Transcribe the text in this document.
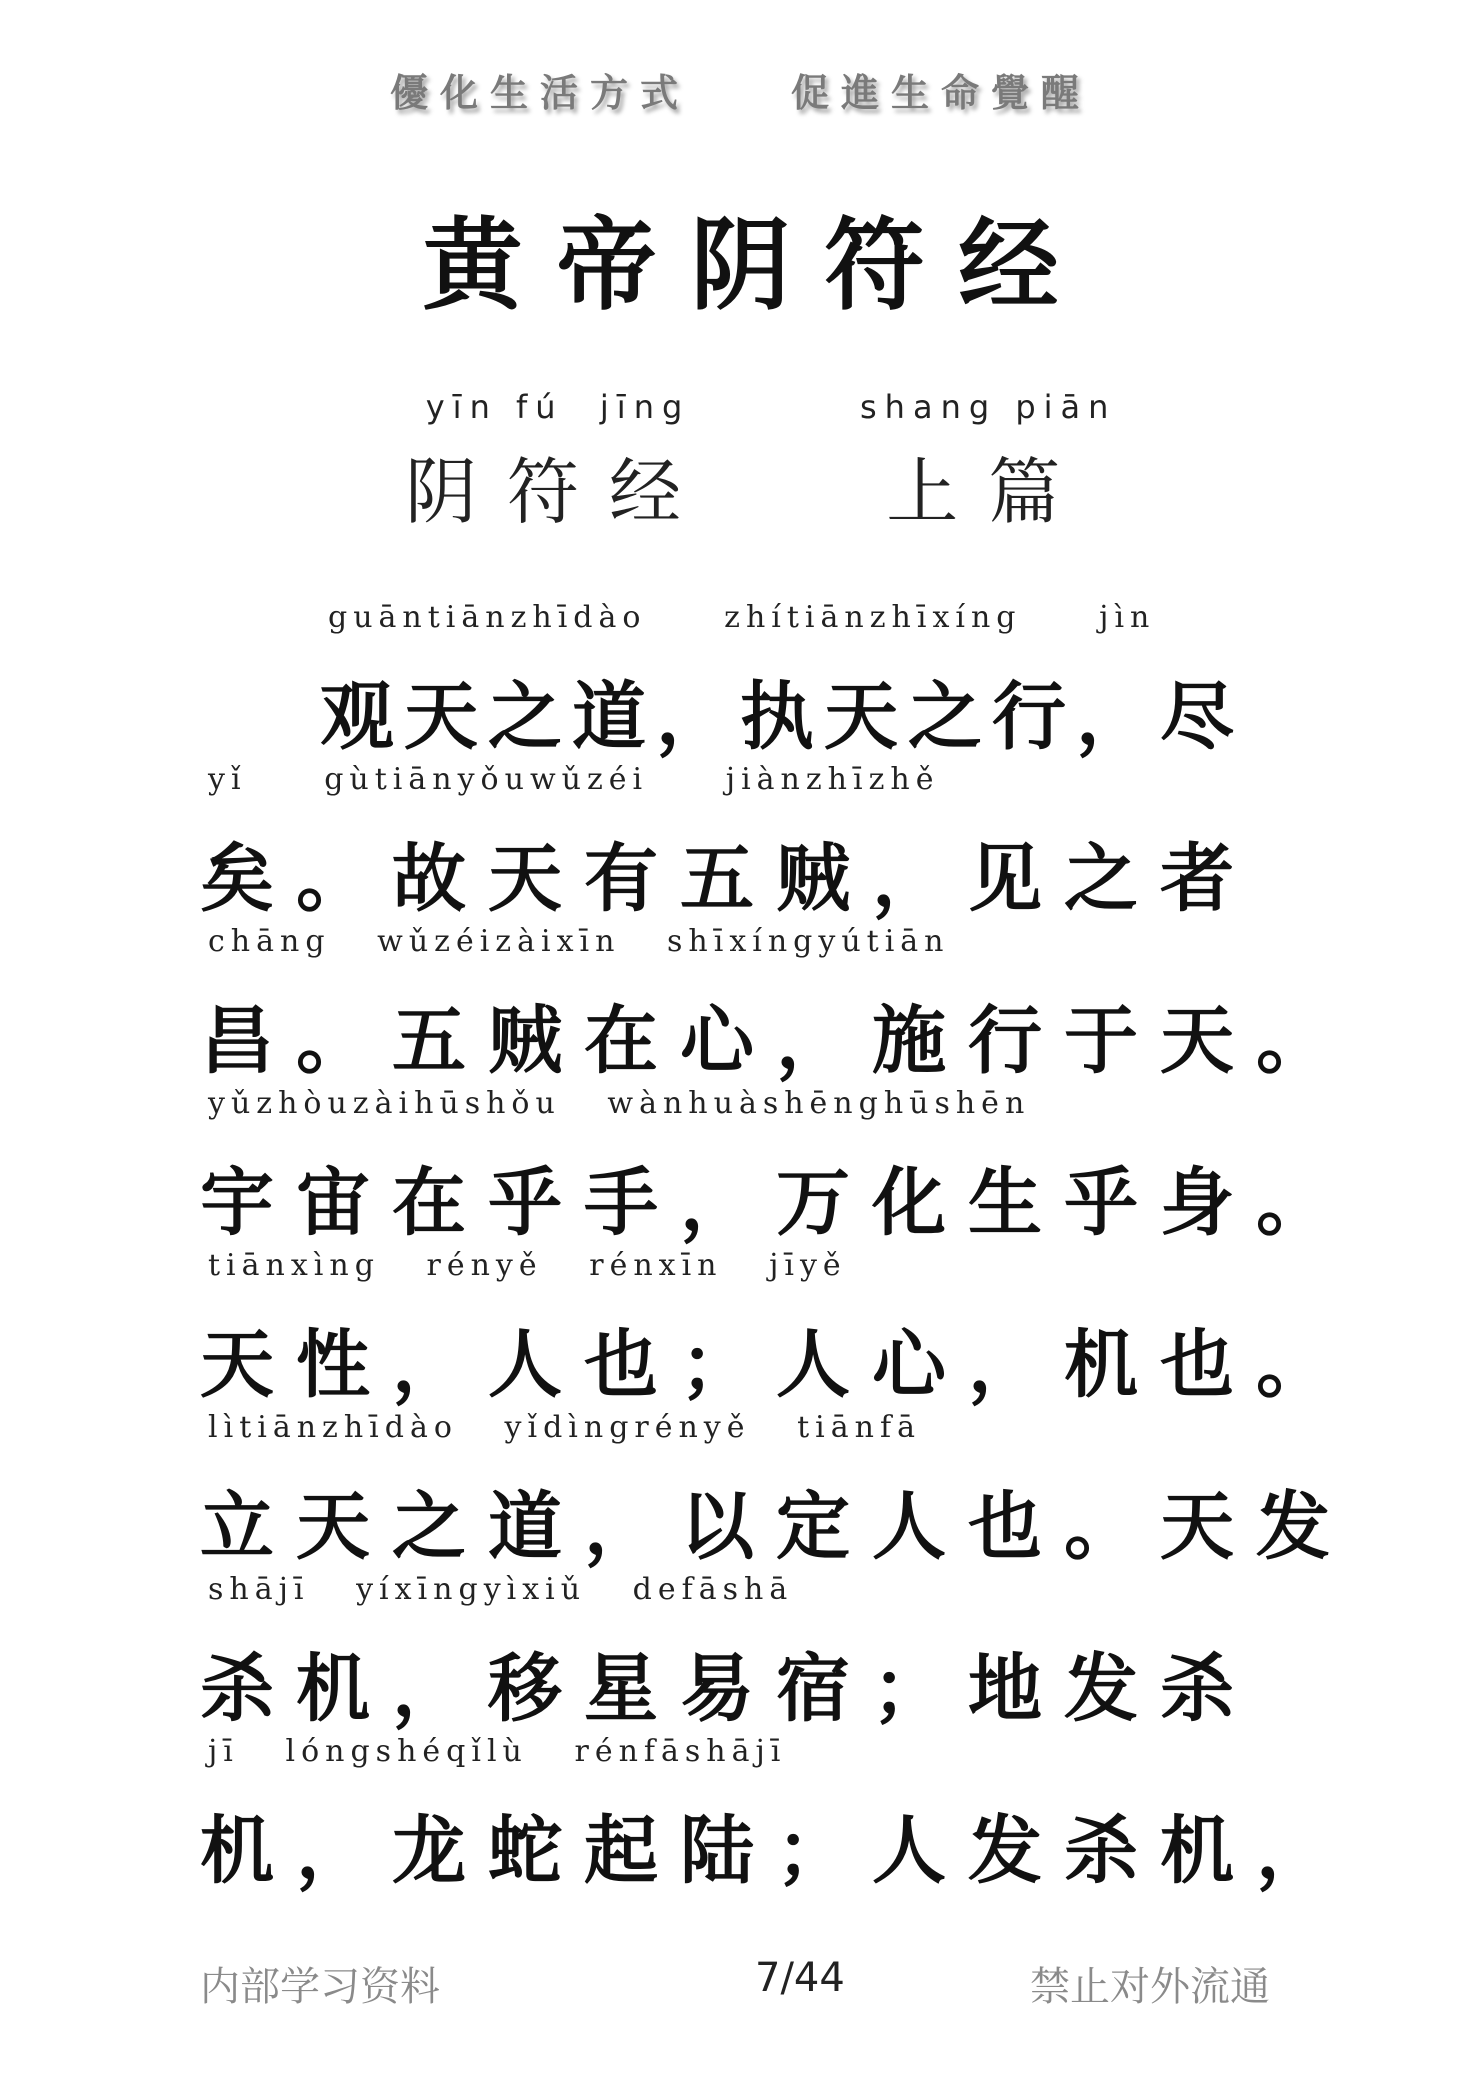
優化生活方式    促進生命覺醒
黄帝阴符经
yīn fú  jīng
阴符经
shang piān
上篇
guāntiānzhīdào     zhítiānzhīxíng     jìn
观天之道，执天之行，尽
yǐ     gùtiānyǒuwǔzéi     jiànzhīzhě
矣。故天有五贼，见之者
chāng   wǔzéizàixīn   shīxíngyútiān
昌。五贼在心，施行于天。
yǔzhòuzàihūshǒu   wànhuàshēnghūshēn
宇宙在乎手，万化生乎身。
tiānxìng   rényě   rénxīn   jīyě
天性，人也；人心，机也。
lìtiānzhīdào   yǐdìngrényě   tiānfā
立天之道，以定人也。天发
shājī   yíxīngyìxiǔ   defāshā
杀机，移星易宿；地发杀
jī   lóngshéqǐlù   rénfāshājī
机，龙蛇起陆；人发杀机，
内部学习资料	7/44	禁止对外流通
